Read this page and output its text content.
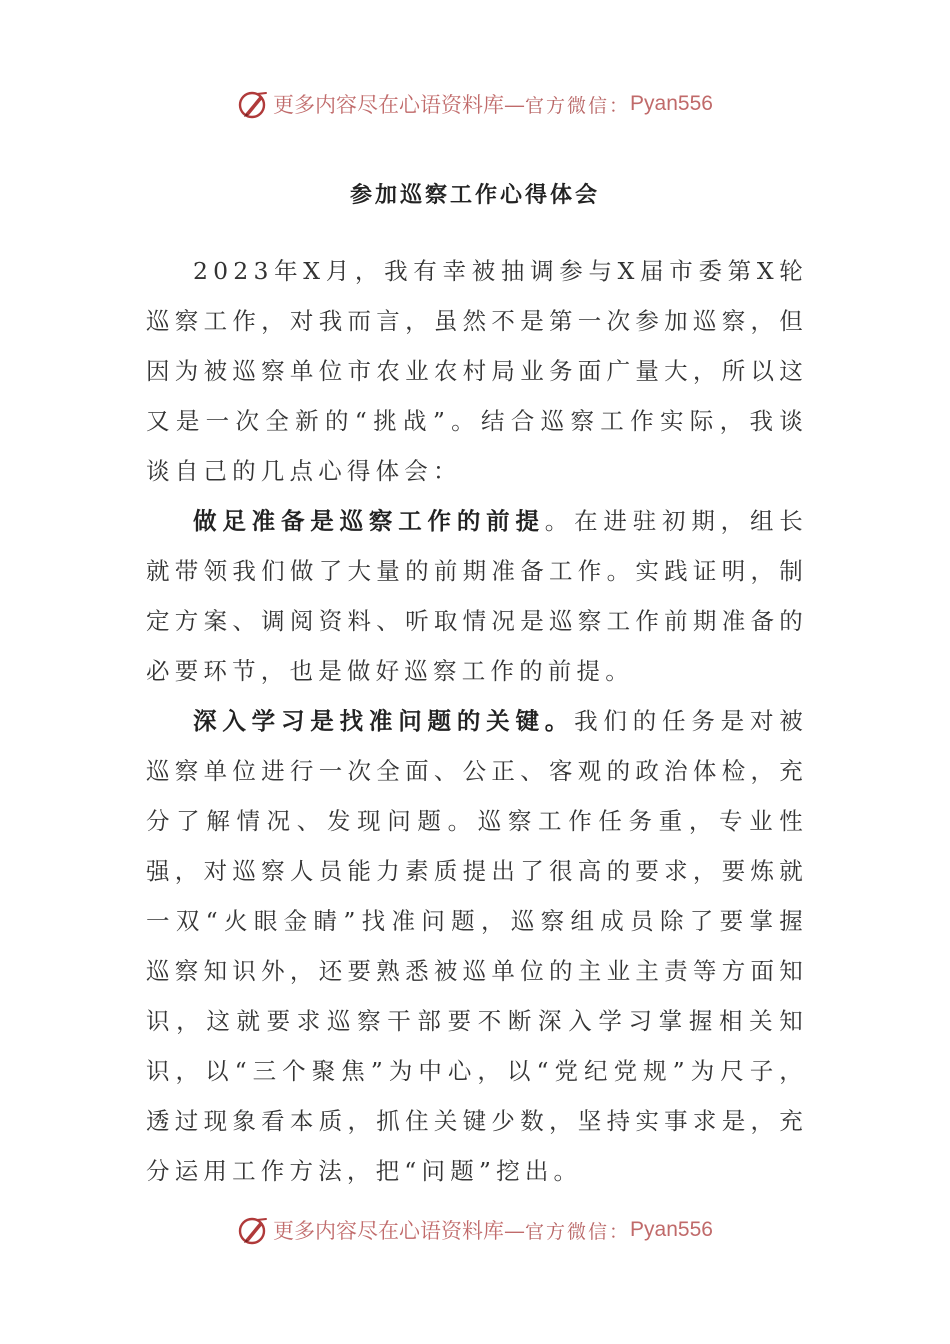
更多内容尽在心语资料库— 官方微信： Pyan556
参加巡察工作心得体会

2023年X月，我有幸被抽调参与X届市委第X轮巡察工作，对我而言，虽然不是第一次参加巡察，但因为被巡察单位市农业农村局业务面广量大，所以这又是一次全新的“挑战”。结合巡察工作实际，我谈谈自己的几点心得体会：

做足准备是巡察工作的前提。在进驻初期，组长就带领我们做了大量的前期准备工作。实践证明，制定方案、调阅资料、听取情况是巡察工作前期准备的必要环节，也是做好巡察工作的前提。

深入学习是找准问题的关键。我们的任务是对被巡察单位进行一次全面、公正、客观的政治体检，充分了解情况、发现问题。巡察工作任务重，专业性强，对巡察人员能力素质提出了很高的要求，要炼就一双“火眼金睛”找准问题，巡察组成员除了要掌握巡察知识外，还要熟悉被巡单位的主业主责等方面知识，这就要求巡察干部要不断深入学习掌握相关知识，以“三个聚焦”为中心，以“党纪党规”为尺子，透过现象看本质，抓住关键少数，坚持实事求是，充分运用工作方法，把“问题”挖出。

更多内容尽在心语资料库— 官方微信： Pyan556
